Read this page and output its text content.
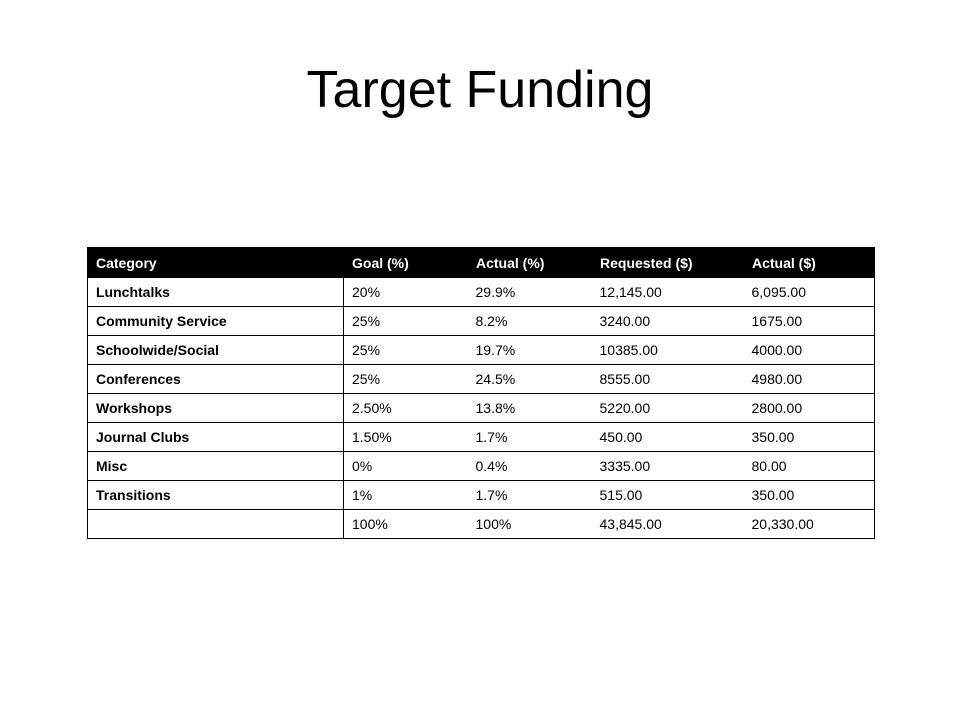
Target Funding
Category	Goal (%)	Actual (%)	Requested ($)	Actual ($)
Lunchtalks	20%	29.9%	12,145.00	6,095.00
Community Service	25%	8.2%	3240.00	1675.00
Schoolwide/Social	25%	19.7%	10385.00	4000.00
Conferences	25%	24.5%	8555.00	4980.00
Workshops	2.50%	13.8%	5220.00	2800.00
Journal Clubs	1.50%	1.7%	450.00	350.00
Misc	0%	0.4%	3335.00	80.00
Transitions	1%	1.7%	515.00	350.00
	100%	100%	43,845.00	20,330.00
